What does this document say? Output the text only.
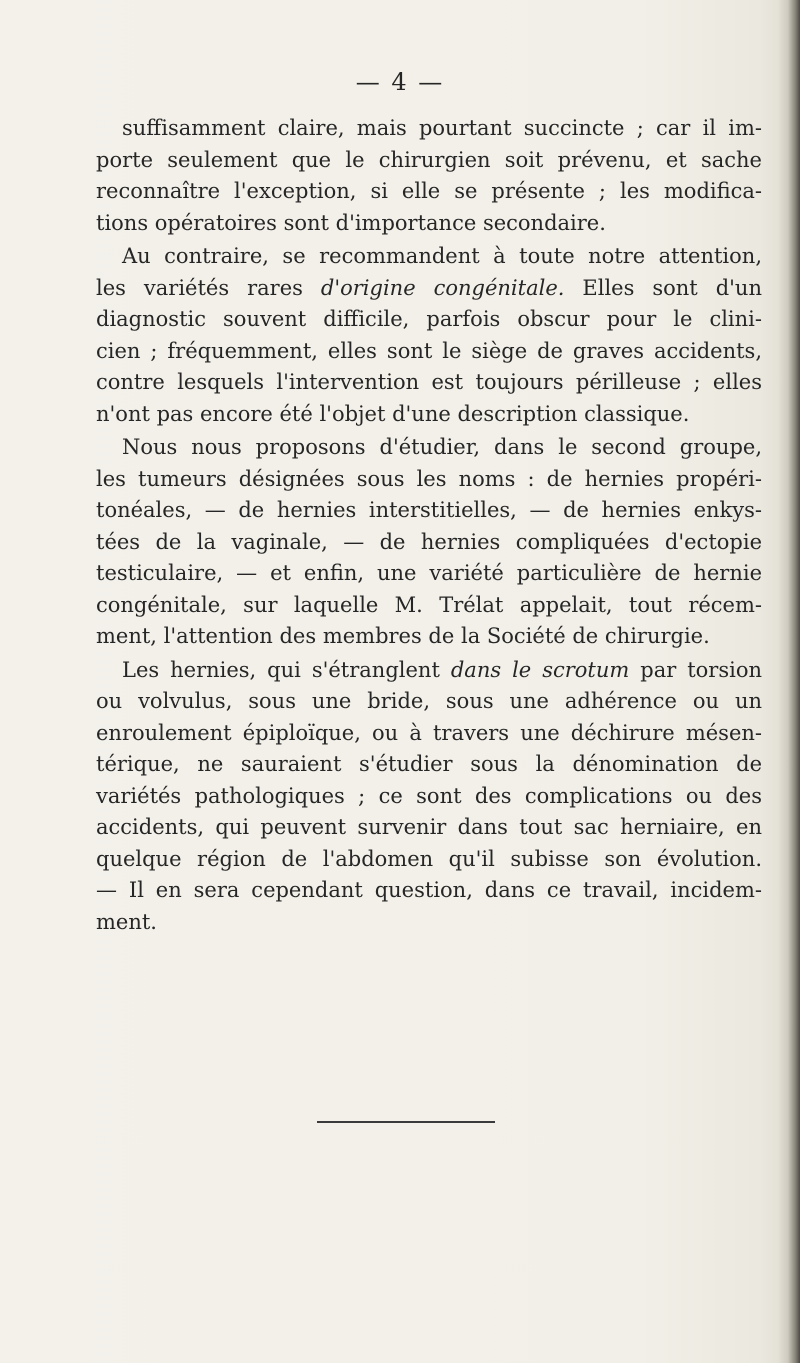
— 4 —

suffisamment claire, mais pourtant succincte ; car il im-
porte seulement que le chirurgien soit prévenu, et sache
reconnaître l'exception, si elle se présente ; les modifica-
tions opératoires sont d'importance secondaire.

Au contraire, se recommandent à toute notre attention,
les variétés rares d'origine congénitale. Elles sont d'un
diagnostic souvent difficile, parfois obscur pour le clini-
cien ; fréquemment, elles sont le siège de graves accidents,
contre lesquels l'intervention est toujours périlleuse ; elles
n'ont pas encore été l'objet d'une description classique.

Nous nous proposons d'étudier, dans le second groupe,
les tumeurs désignées sous les noms : de hernies propéri-
tonéales, — de hernies interstitielles, — de hernies enkys-
tées de la vaginale, — de hernies compliquées d'ectopie
testiculaire, — et enfin, une variété particulière de hernie
congénitale, sur laquelle M. Trélat appelait, tout récem-
ment, l'attention des membres de la Société de chirurgie.

Les hernies, qui s'étranglent dans le scrotum par torsion
ou volvulus, sous une bride, sous une adhérence ou un
enroulement épiploïque, ou à travers une déchirure mésen-
térique, ne sauraient s'étudier sous la dénomination de
variétés pathologiques ; ce sont des complications ou des
accidents, qui peuvent survenir dans tout sac herniaire, en
quelque région de l'abdomen qu'il subisse son évolution.
— Il en sera cependant question, dans ce travail, incidem-
ment.
